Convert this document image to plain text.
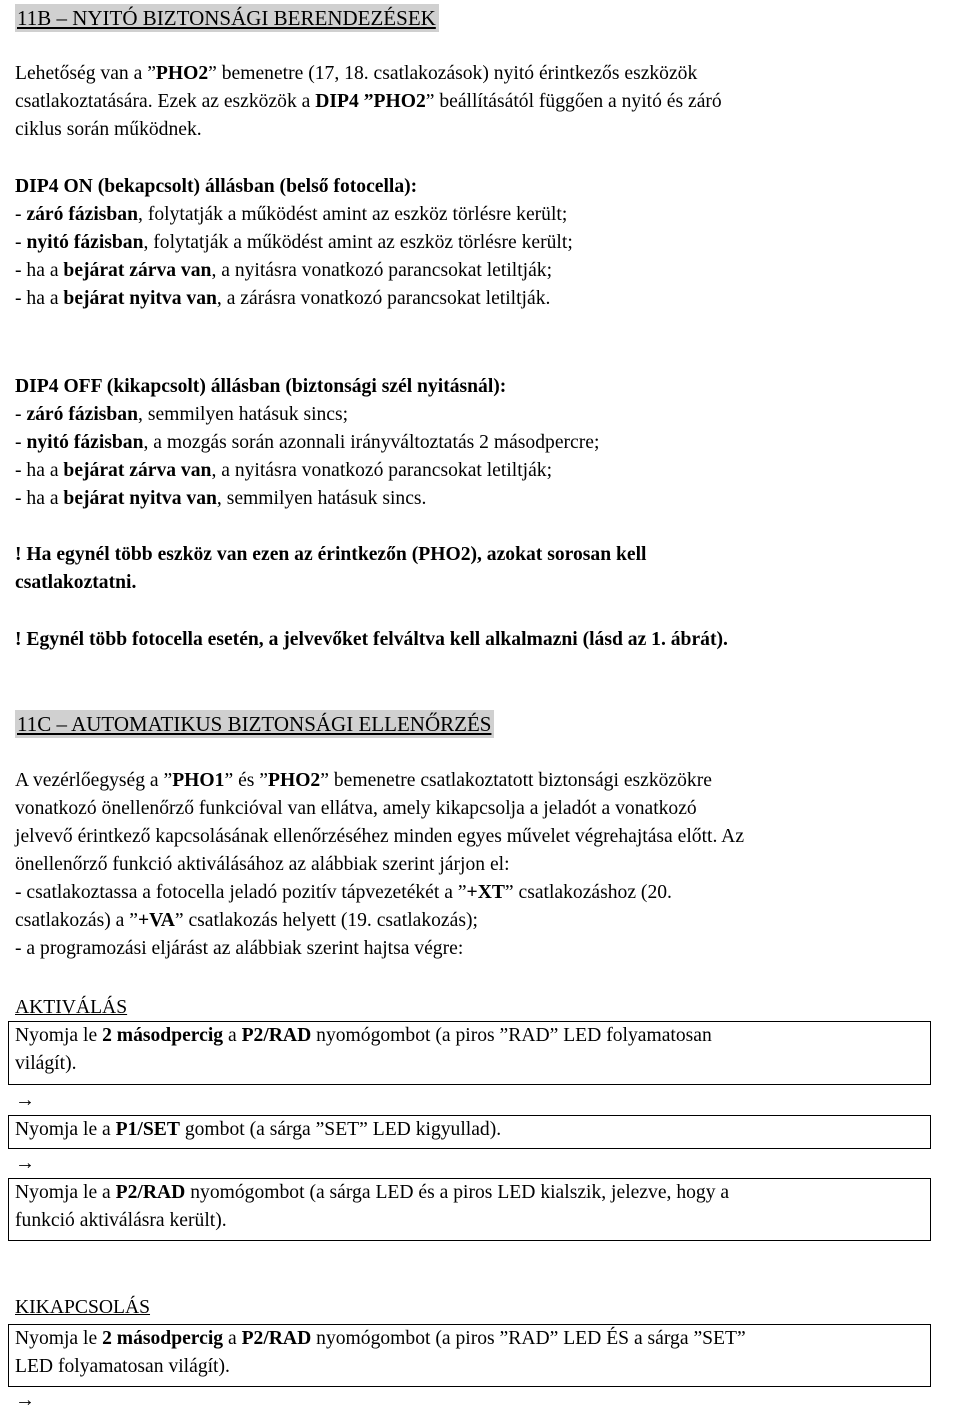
11B – NYITÓ BIZTONSÁGI BERENDEZÉSEK
Lehetőség van a ”PHO2” bemenetre (17, 18. csatlakozások) nyitó érintkezős eszközök
csatlakoztatására. Ezek az eszközök a DIP4 ”PHO2” beállításától függően a nyitó és záró
ciklus során működnek.
DIP4 ON (bekapcsolt) állásban (belső fotocella):
- záró fázisban, folytatják a működést amint az eszköz törlésre került;
- nyitó fázisban, folytatják a működést amint az eszköz törlésre került;
- ha a bejárat zárva van, a nyitásra vonatkozó parancsokat letiltják;
- ha a bejárat nyitva van, a zárásra vonatkozó parancsokat letiltják.
DIP4 OFF (kikapcsolt) állásban (biztonsági szél nyitásnál):
- záró fázisban, semmilyen hatásuk sincs;
- nyitó fázisban, a mozgás során azonnali irányváltoztatás 2 másodpercre;
- ha a bejárat zárva van, a nyitásra vonatkozó parancsokat letiltják;
- ha a bejárat nyitva van, semmilyen hatásuk sincs.
! Ha egynél több eszköz van ezen az érintkezőn (PHO2), azokat sorosan kell
csatlakoztatni.
! Egynél több fotocella esetén, a jelvevőket felváltva kell alkalmazni (lásd az 1. ábrát).
11C – AUTOMATIKUS BIZTONSÁGI ELLENŐRZÉS
A vezérlőegység a ”PHO1” és ”PHO2” bemenetre csatlakoztatott biztonsági eszközökre
vonatkozó önellenőrző funkcióval van ellátva, amely kikapcsolja a jeladót a vonatkozó
jelvevő érintkező kapcsolásának ellenőrzéséhez minden egyes művelet végrehajtása előtt. Az
önellenőrző funkció aktiválásához az alábbiak szerint járjon el:
- csatlakoztassa a fotocella jeladó pozitív tápvezetékét a ”+XT” csatlakozáshoz (20.
csatlakozás) a ”+VA” csatlakozás helyett (19. csatlakozás);
- a programozási eljárást az alábbiak szerint hajtsa végre:
AKTIVÁLÁS
Nyomja le 2 másodpercig a P2/RAD nyomógombot (a piros ”RAD” LED folyamatosan
világít).
→
Nyomja le a P1/SET gombot (a sárga ”SET” LED kigyullad).
→
Nyomja le a P2/RAD nyomógombot (a sárga LED és a piros LED kialszik, jelezve, hogy a
funkció aktiválásra került).
KIKAPCSOLÁS
Nyomja le 2 másodpercig a P2/RAD nyomógombot (a piros ”RAD” LED ÉS a sárga ”SET”
LED folyamatosan világít).
→
